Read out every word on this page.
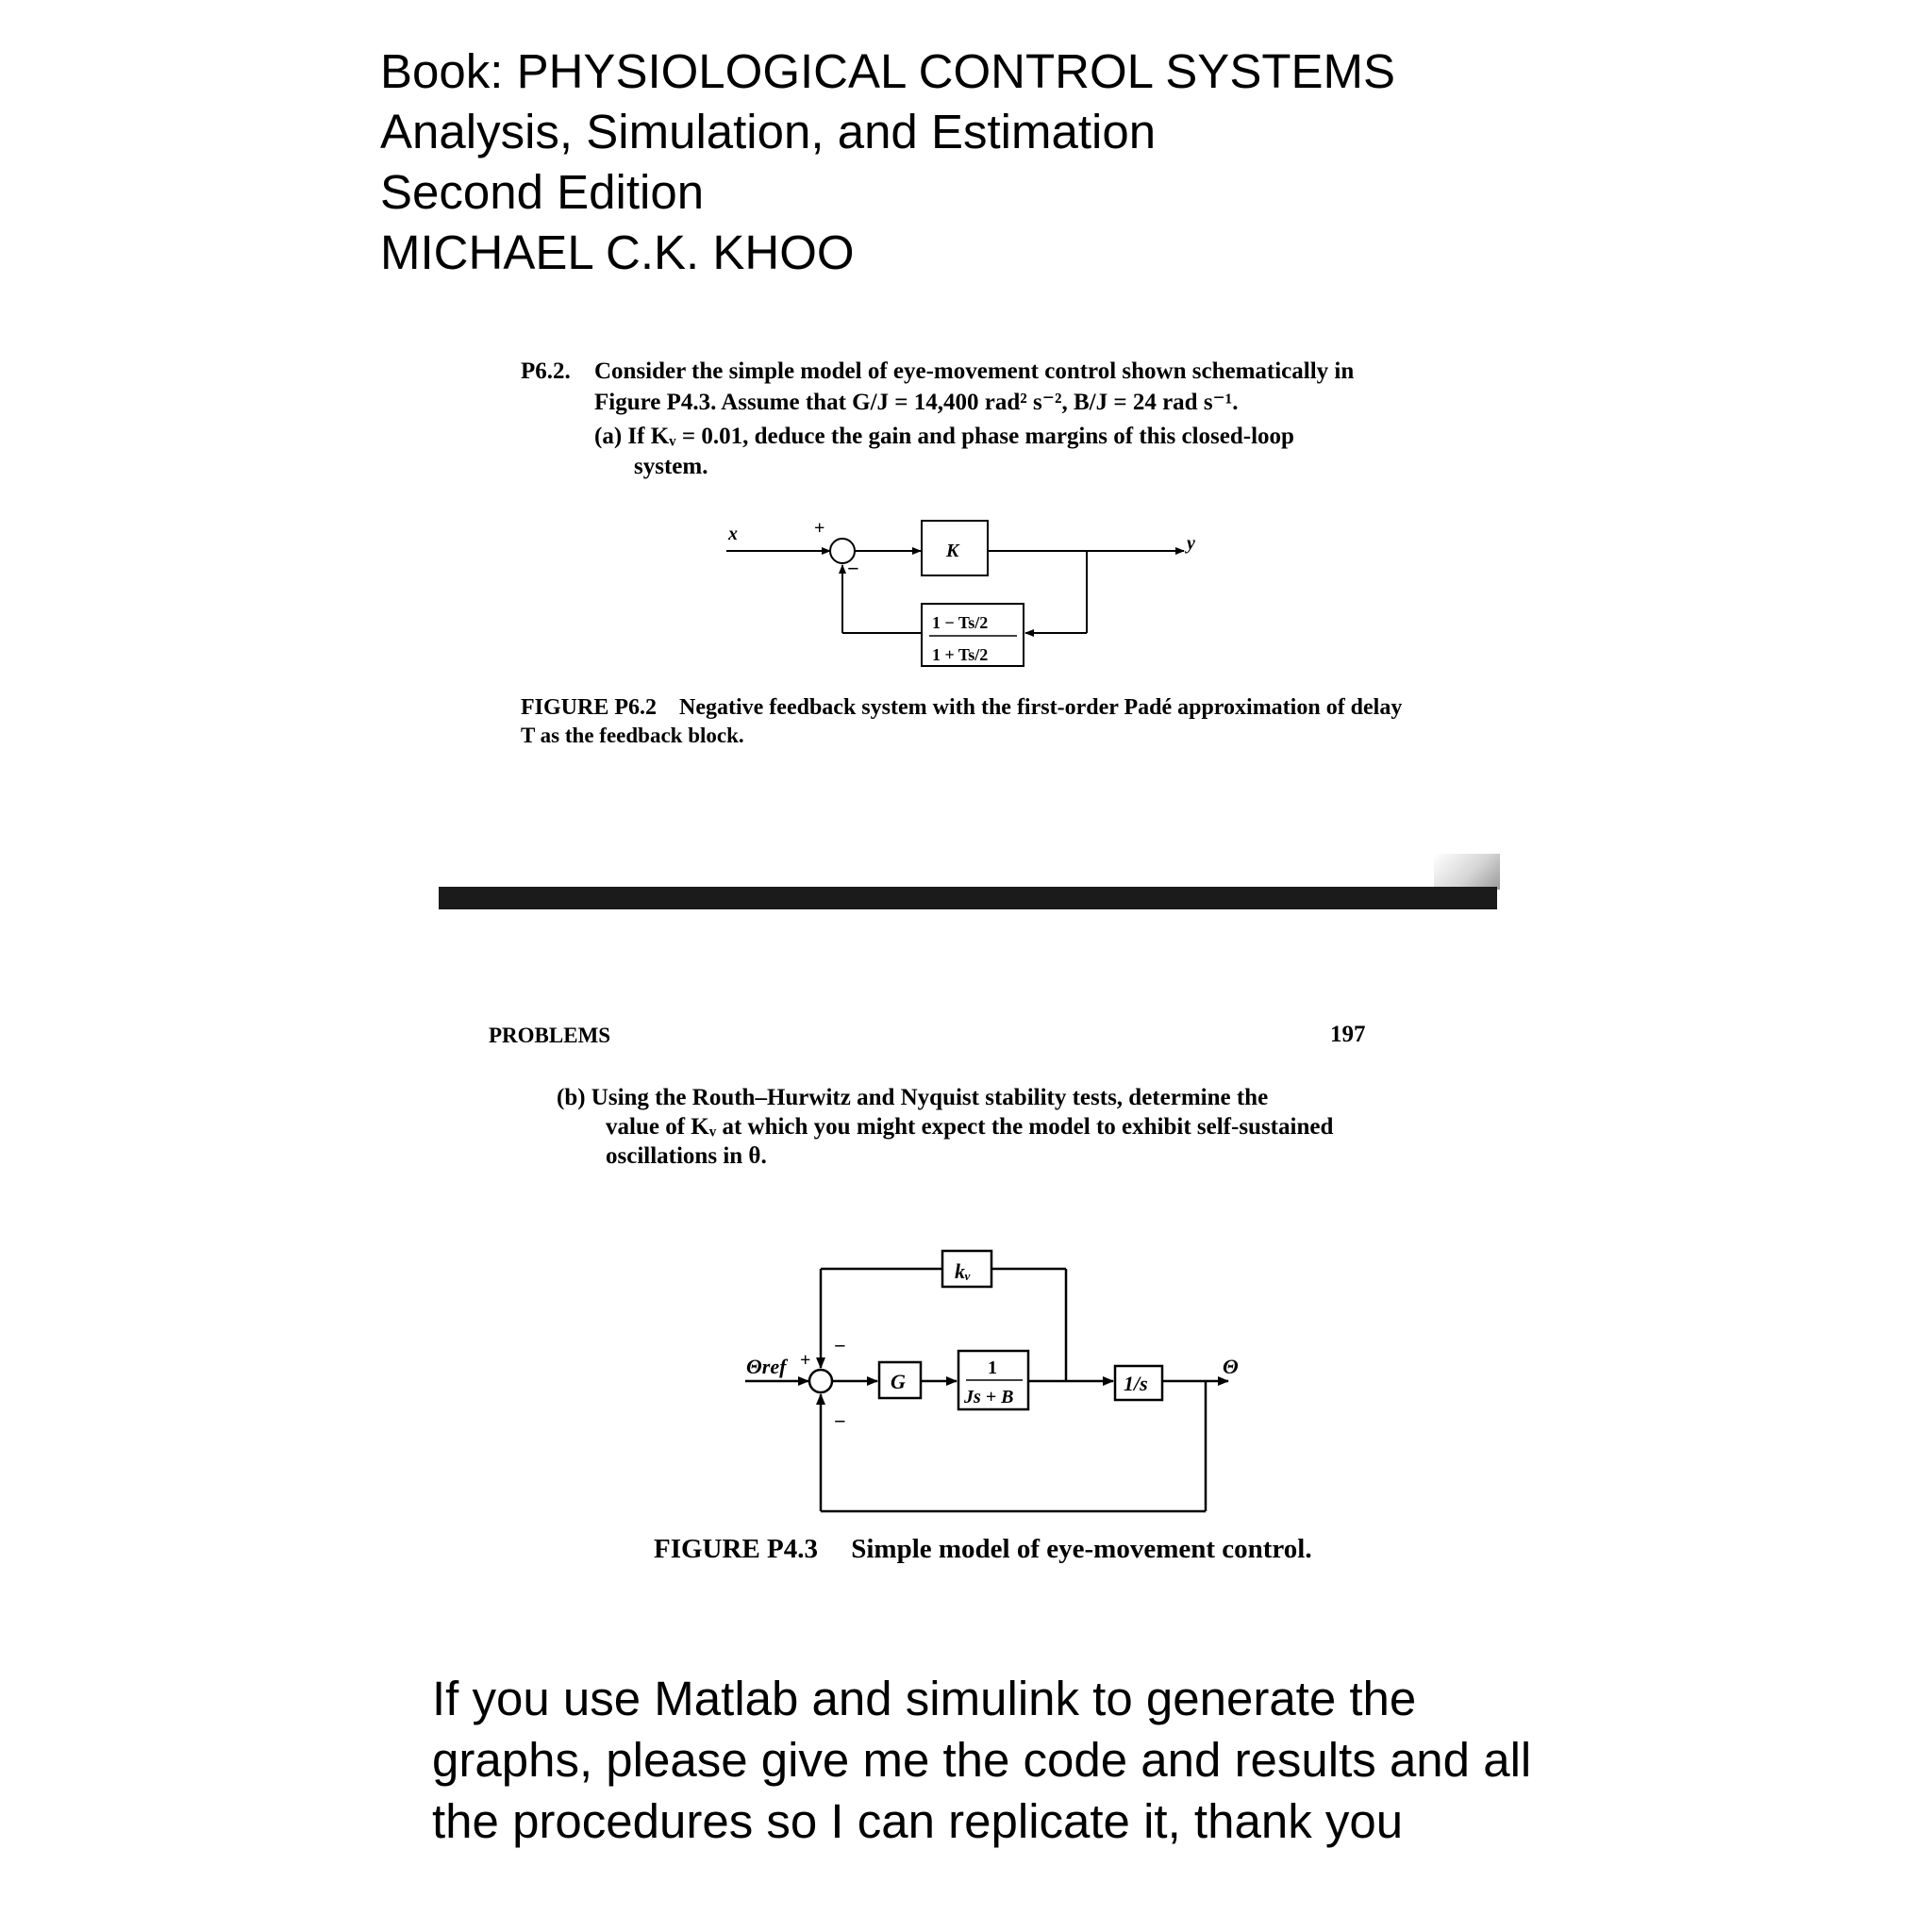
Book: PHYSIOLOGICAL CONTROL SYSTEMS
Analysis, Simulation, and Estimation
Second Edition
MICHAEL C.K. KHOO
P6.2. Consider the simple model of eye-movement control shown schematically in
Figure P4.3. Assume that G/J = 14,400 rad² s⁻², B/J = 24 rad s⁻¹.
(a) If Kᵥ = 0.01, deduce the gain and phase margins of this closed-loop
system.
x	+
−
K	y
1 − Ts/2
1 + Ts/2
FIGURE P6.2 Negative feedback system with the first-order Padé approximation of delay
T as the feedback block.
PROBLEMS	197
(b) Using the Routh–Hurwitz and Nyquist stability tests, determine the
value of Kᵥ at which you might expect the model to exhibit self-sustained
oscillations in θ.
Θref +
−
−
kᵥ
G
1
Js + B
1/s
Θ
FIGURE P4.3 Simple model of eye-movement control.
If you use Matlab and simulink to generate the
graphs, please give me the code and results and all
the procedures so I can replicate it, thank you
